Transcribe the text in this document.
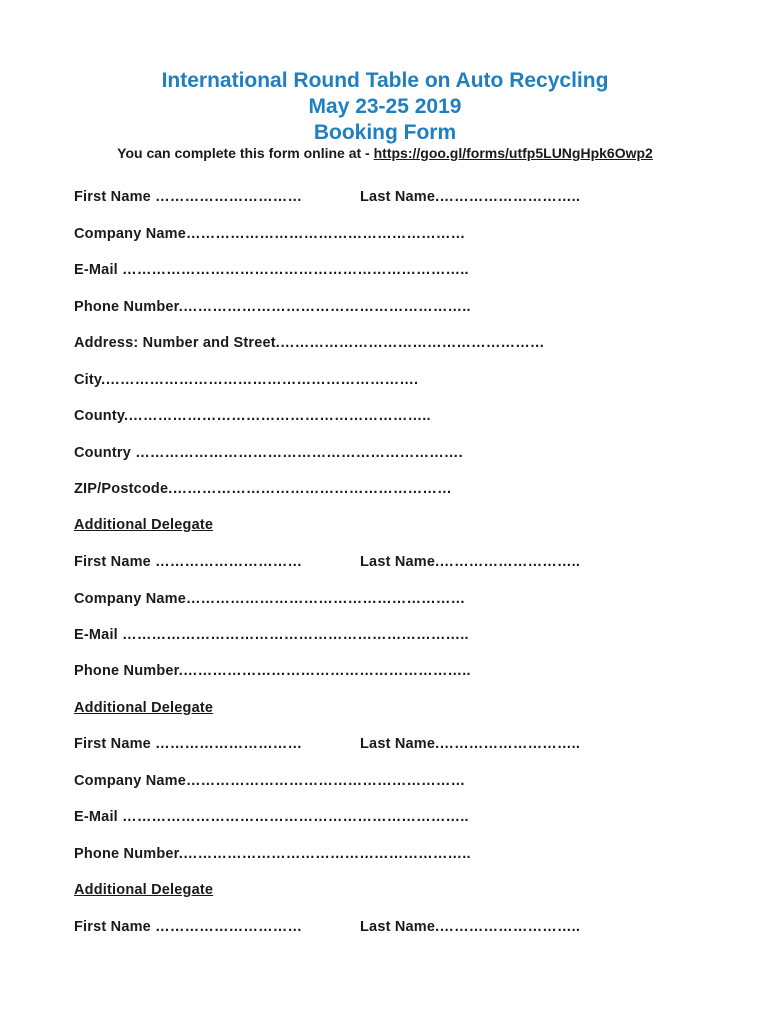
International Round Table on Auto Recycling
May 23-25 2019
Booking Form
You can complete this form online at - https://goo.gl/forms/utfp5LUNgHpk6Owp2
First Name …………………………	Last Name.………………………..
Company Name…………………………………………………
E-Mail ……………………………………………………………..
Phone Number.…………………………………………………..
Address: Number and Street.………………………………………………
City.……………………………………………………….
County.……………………………………………………..
Country ………………………………………………………….
ZIP/Postcode.…………………………………………………
Additional Delegate
First Name …………………………	Last Name.………………………..
Company Name…………………………………………………
E-Mail ……………………………………………………………..
Phone Number.…………………………………………………..
Additional Delegate
First Name …………………………	Last Name.………………………..
Company Name…………………………………………………
E-Mail ……………………………………………………………..
Phone Number.…………………………………………………..
Additional Delegate
First Name …………………………	Last Name.………………………..
